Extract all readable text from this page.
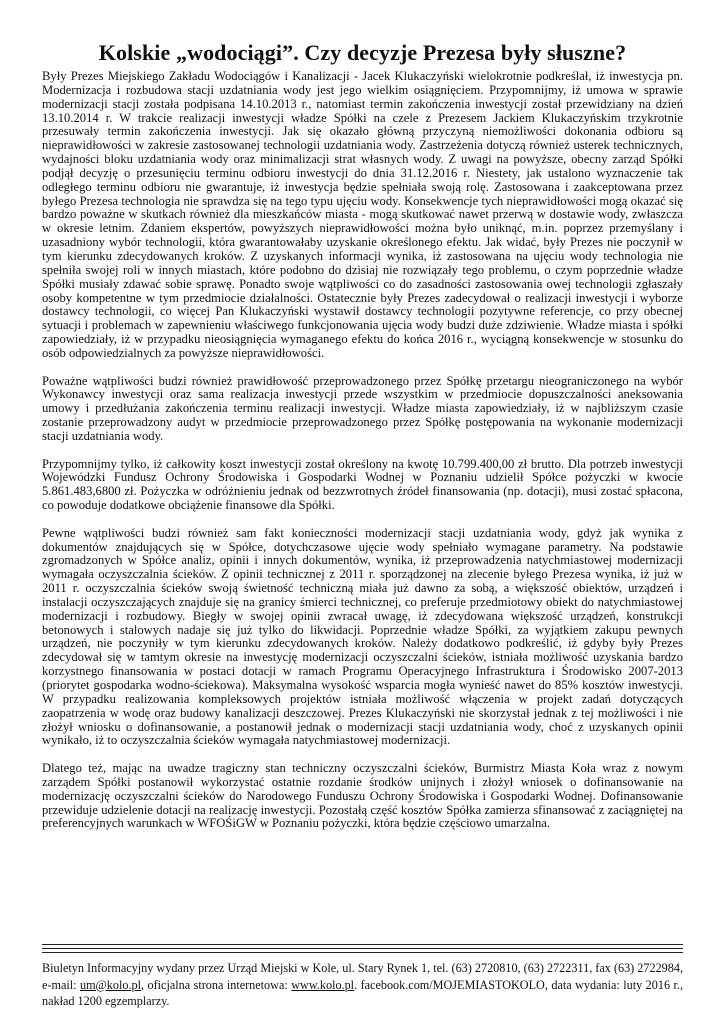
Kolskie „wodociągi”. Czy decyzje Prezesa były słuszne?

Były Prezes Miejskiego Zakładu Wodociągów i Kanalizacji - Jacek Klukaczyński wielokrotnie podkreślał, iż inwestycja pn. Modernizacja i rozbudowa stacji uzdatniania wody jest jego wielkim osiągnięciem. Przypomnijmy, iż umowa w sprawie modernizacji stacji została podpisana 14.10.2013 r., natomiast termin zakończenia inwestycji został przewidziany na dzień 13.10.2014 r. W trakcie realizacji inwestycji władze Spółki na czele z Prezesem Jackiem Klukaczyńskim trzykrotnie przesuwały termin zakończenia inwestycji. Jak się okazało główną przyczyną niemożliwości dokonania odbioru są nieprawidłowości w zakresie zastosowanej technologii uzdatniania wody. Zastrzeżenia dotyczą również usterek technicznych, wydajności bloku uzdatniania wody oraz minimalizacji strat własnych wody. Z uwagi na powyższe, obecny zarząd Spółki podjął decyzję o przesunięciu terminu odbioru inwestycji do dnia 31.12.2016 r. Niestety, jak ustalono wyznaczenie tak odległego terminu odbioru nie gwarantuje, iż inwestycja będzie spełniała swoją rolę. Zastosowana i zaakceptowana przez byłego Prezesa technologia nie sprawdza się na tego typu ujęciu wody. Konsekwencje tych nieprawidłowości mogą okazać się bardzo poważne w skutkach również dla mieszkańców miasta - mogą skutkować nawet przerwą w dostawie wody, zwłaszcza w okresie letnim. Zdaniem ekspertów, powyższych nieprawidłowości można było uniknąć, m.in. poprzez przemyślany i uzasadniony wybór technologii, która gwarantowałaby uzyskanie określonego efektu. Jak widać, były Prezes nie poczynił w tym kierunku zdecydowanych kroków. Z uzyskanych informacji wynika, iż zastosowana na ujęciu wody technologia nie spełniła swojej roli w innych miastach, które podobno do dzisiaj nie rozwiązały tego problemu, o czym poprzednie władze Spółki musiały zdawać sobie sprawę. Ponadto swoje wątpliwości co do zasadności zastosowania owej technologii zgłaszały osoby kompetentne w tym przedmiocie działalności. Ostatecznie były Prezes zadecydował o realizacji inwestycji i wyborze dostawcy technologii, co więcej Pan Klukaczyński wystawił dostawcy technologii pozytywne referencje, co przy obecnej sytuacji i problemach w zapewnieniu właściwego funkcjonowania ujęcia wody budzi duże zdziwienie. Władze miasta i spółki zapowiedziały, iż w przypadku nieosiągnięcia wymaganego efektu do końca 2016 r., wyciągną konsekwencje w stosunku do osób odpowiedzialnych za powyższe nieprawidłowości.

Poważne wątpliwości budzi również prawidłowość przeprowadzonego przez Spółkę przetargu nieograniczonego na wybór Wykonawcy inwestycji oraz sama realizacja inwestycji przede wszystkim w przedmiocie dopuszczalności aneksowania umowy i przedłużania zakończenia terminu realizacji inwestycji. Władze miasta zapowiedziały, iż w najbliższym czasie zostanie przeprowadzony audyt w przedmiocie przeprowadzonego przez Spółkę postępowania na wykonanie modernizacji stacji uzdatniania wody.

Przypomnijmy tylko, iż całkowity koszt inwestycji został określony na kwotę 10.799.400,00 zł brutto. Dla potrzeb inwestycji Wojewódzki Fundusz Ochrony Środowiska i Gospodarki Wodnej w Poznaniu udzielił Spółce pożyczki w kwocie 5.861.483,6800 zł. Pożyczka w odróżnieniu jednak od bezzwrotnych źródeł finansowania (np. dotacji), musi zostać spłacona, co powoduje dodatkowe obciążenie finansowe dla Spółki.

Pewne wątpliwości budzi również sam fakt konieczności modernizacji stacji uzdatniania wody, gdyż jak wynika z dokumentów znajdujących się w Spółce, dotychczasowe ujęcie wody spełniało wymagane parametry. Na podstawie zgromadzonych w Spółce analiz, opinii i innych dokumentów, wynika, iż przeprowadzenia natychmiastowej modernizacji wymagała oczyszczalnia ścieków. Z opinii technicznej z 2011 r. sporządzonej na zlecenie byłego Prezesa wynika, iż już w 2011 r. oczyszczalnia ścieków swoją świetność techniczną miała już dawno za sobą, a większość obiektów, urządzeń i instalacji oczyszczających znajduje się na granicy śmierci technicznej, co preferuje przedmiotowy obiekt do natychmiastowej modernizacji i rozbudowy. Biegły w swojej opinii zwracał uwagę, iż zdecydowana większość urządzeń, konstrukcji betonowych i stalowych nadaje się już tylko do likwidacji. Poprzednie władze Spółki, za wyjątkiem zakupu pewnych urządzeń, nie poczyniły w tym kierunku zdecydowanych kroków. Należy dodatkowo podkreślić, iż gdyby były Prezes zdecydował się w tamtym okresie na inwestycję modernizacji oczyszczalni ścieków, istniała możliwość uzyskania bardzo korzystnego finansowania w postaci dotacji w ramach Programu Operacyjnego Infrastruktura i Środowisko 2007-2013 (priorytet gospodarka wodno-ściekowa). Maksymalna wysokość wsparcia mogła wynieść nawet do 85% kosztów inwestycji. W przypadku realizowania kompleksowych projektów istniała możliwość włączenia w projekt zadań dotyczących zaopatrzenia w wodę oraz budowy kanalizacji deszczowej. Prezes Klukaczyński nie skorzystał jednak z tej możliwości i nie złożył wniosku o dofinansowanie, a postanowił jednak o modernizacji stacji uzdatniania wody, choć z uzyskanych opinii wynikało, iż to oczyszczalnia ścieków wymagała natychmiastowej modernizacji.

Dlatego też, mając na uwadze tragiczny stan techniczny oczyszczalni ścieków, Burmistrz Miasta Koła wraz z nowym zarządem Spółki postanowił wykorzystać ostatnie rozdanie środków unijnych i złożył wniosek o dofinansowanie na modernizację oczyszczalni ścieków do Narodowego Funduszu Ochrony Środowiska i Gospodarki Wodnej. Dofinansowanie przewiduje udzielenie dotacji na realizację inwestycji. Pozostałą część kosztów Spółka zamierza sfinansować z zaciągniętej na preferencyjnych warunkach w WFOŚiGW w Poznaniu pożyczki, która będzie częściowo umarzalna.

Biuletyn Informacyjny wydany przez Urząd Miejski w Kole, ul. Stary Rynek 1, tel. (63) 2720810, (63) 2722311, fax (63) 2722984, e-mail: um@kolo.pl, oficjalna strona internetowa: www.kolo.pl. facebook.com/MOJEMIASTOKOLO, data wydania: luty 2016 r., nakład 1200 egzemplarzy.
